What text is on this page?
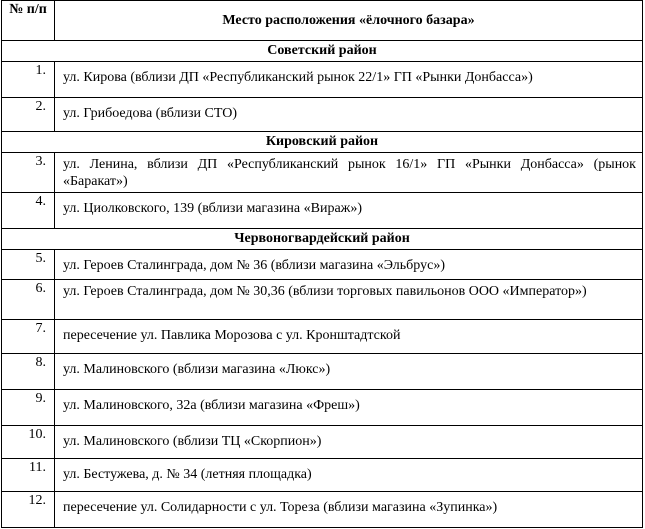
№ п/п	Место расположения «ёлочного базара»
Советский район	
1.	ул. Кирова (вблизи ДП «Республиканский рынок 22/1» ГП «Рынки Донбасса»)
2.	ул. Грибоедова (вблизи СТО)
Кировский район	
3.	ул. Ленина, вблизи ДП «Республиканский рынок 16/1» ГП «Рынки Донбасса» (рынок «Баракат»)
4.	ул. Циолковского, 139 (вблизи магазина «Вираж»)
Червоногвардейский район	
5.	ул. Героев Сталинграда, дом № 36 (вблизи магазина «Эльбрус»)
6.	ул. Героев Сталинграда, дом № 30,36 (вблизи торговых павильонов ООО «Император»)
7.	пересечение ул. Павлика Морозова с ул. Кронштадтской
8.	ул. Малиновского (вблизи магазина «Люкс»)
9.	ул. Малиновского, 32а (вблизи магазина «Фреш»)
10.	ул. Малиновского (вблизи ТЦ «Скорпион»)
11.	ул. Бестужева, д. № 34 (летняя площадка)
12.	пересечение ул. Солидарности с ул. Тореза (вблизи магазина «Зупинка»)
